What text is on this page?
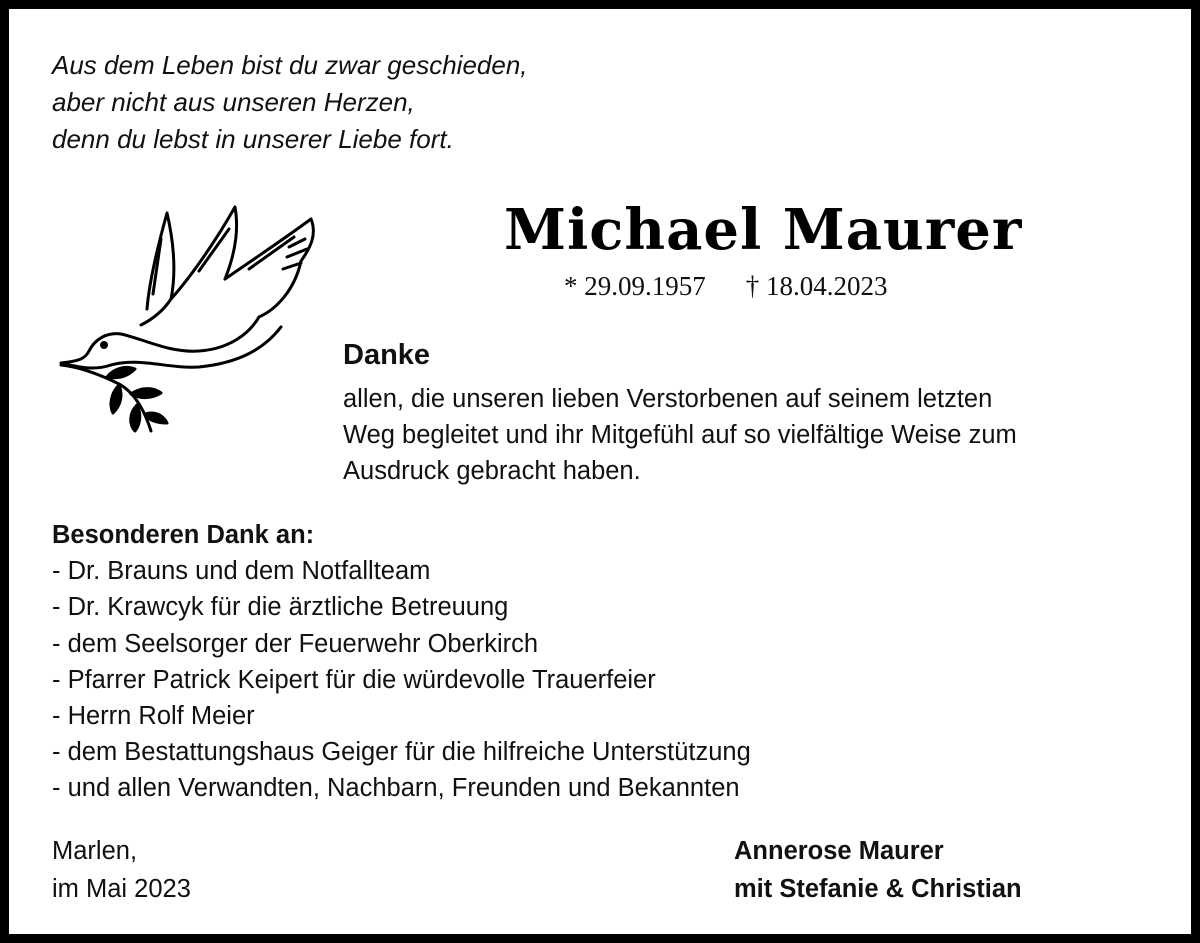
Aus dem Leben bist du zwar geschieden,
aber nicht aus unseren Herzen,
denn du lebst in unserer Liebe fort.
Michael Maurer
* 29.09.1957 † 18.04.2023
Danke
allen, die unseren lieben Verstorbenen auf seinem letzten
Weg begleitet und ihr Mitgefühl auf so vielfältige Weise zum
Ausdruck gebracht haben.
Besonderen Dank an:
- Dr. Brauns und dem Notfallteam
- Dr. Krawcyk für die ärztliche Betreuung
- dem Seelsorger der Feuerwehr Oberkirch
- Pfarrer Patrick Keipert für die würdevolle Trauerfeier
- Herrn Rolf Meier
- dem Bestattungshaus Geiger für die hilfreiche Unterstützung
- und allen Verwandten, Nachbarn, Freunden und Bekannten
Marlen,
im Mai 2023
Annerose Maurer
mit Stefanie & Christian
